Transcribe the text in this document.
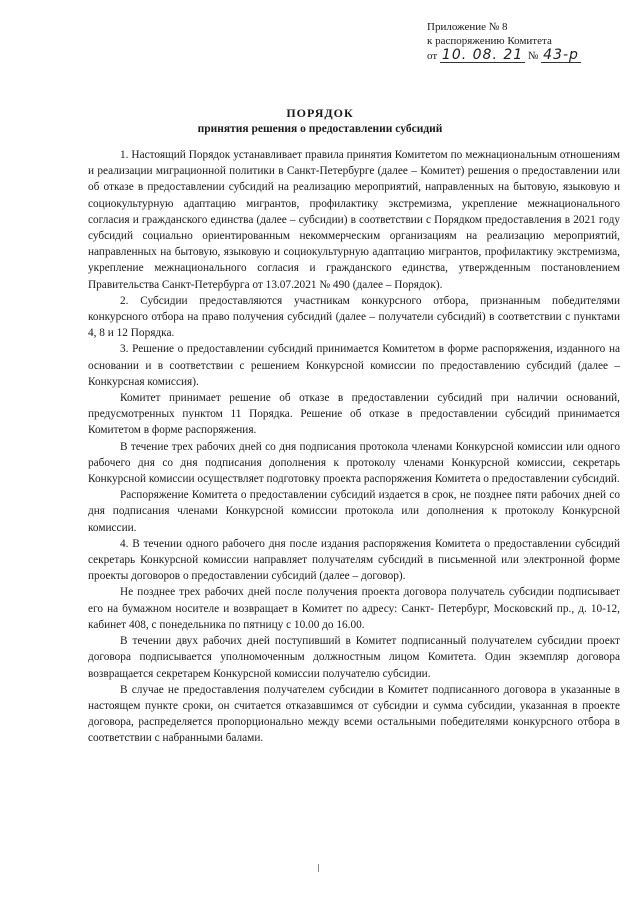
Приложение № 8
к распоряжению Комитета
от 10. 08. 21 № 43-р
ПОРЯДОК
принятия решения о предоставлении субсидий

1. Настоящий Порядок устанавливает правила принятия Комитетом по межнациональным отношениям и реализации миграционной политики в Санкт-Петербурге (далее – Комитет) решения о предоставлении или об отказе в предоставлении субсидий на реализацию мероприятий, направленных на бытовую, языковую и социокультурную адаптацию мигрантов, профилактику экстремизма, укрепление межнационального согласия и гражданского единства (далее – субсидии) в соответствии с Порядком предоставления в 2021 году субсидий социально ориентированным некоммерческим организациям на реализацию мероприятий, направленных на бытовую, языковую и социокультурную адаптацию мигрантов, профилактику экстремизма, укрепление межнационального согласия и гражданского единства, утвержденным постановлением Правительства Санкт-Петербурга от 13.07.2021 № 490 (далее – Порядок).

2. Субсидии предоставляются участникам конкурсного отбора, признанным победителями конкурсного отбора на право получения субсидий (далее – получатели субсидий) в соответствии с пунктами 4, 8 и 12 Порядка.

3. Решение о предоставлении субсидий принимается Комитетом в форме распоряжения, изданного на основании и в соответствии с решением Конкурсной комиссии по предоставлению субсидий (далее – Конкурсная комиссия).

Комитет принимает решение об отказе в предоставлении субсидий при наличии оснований, предусмотренных пунктом 11 Порядка. Решение об отказе в предоставлении субсидий принимается Комитетом в форме распоряжения.

В течение трех рабочих дней со дня подписания протокола членами Конкурсной комиссии или одного рабочего дня со дня подписания дополнения к протоколу членами Конкурсной комиссии, секретарь Конкурсной комиссии осуществляет подготовку проекта распоряжения Комитета о предоставлении субсидий.

Распоряжение Комитета о предоставлении субсидий издается в срок, не позднее пяти рабочих дней со дня подписания членами Конкурсной комиссии протокола или дополнения к протоколу Конкурсной комиссии.

4. В течении одного рабочего дня после издания распоряжения Комитета о предоставлении субсидий секретарь Конкурсной комиссии направляет получателям субсидий в письменной или электронной форме проекты договоров о предоставлении субсидий (далее – договор).

Не позднее трех рабочих дней после получения проекта договора получатель субсидии подписывает его на бумажном носителе и возвращает в Комитет по адресу: Санкт- Петербург, Московский пр., д. 10-12, кабинет 408, с понедельника по пятницу с 10.00 до 16.00.

В течении двух рабочих дней поступивший в Комитет подписанный получателем субсидии проект договора подписывается уполномоченным должностным лицом Комитета. Один экземпляр договора возвращается секретарем Конкурсной комиссии получателю субсидии.

В случае не предоставления получателем субсидии в Комитет подписанного договора в указанные в настоящем пункте сроки, он считается отказавшимся от субсидии и сумма субсидии, указанная в проекте договора, распределяется пропорционально между всеми остальными победителями конкурсного отбора в соответствии с набранными балами.
